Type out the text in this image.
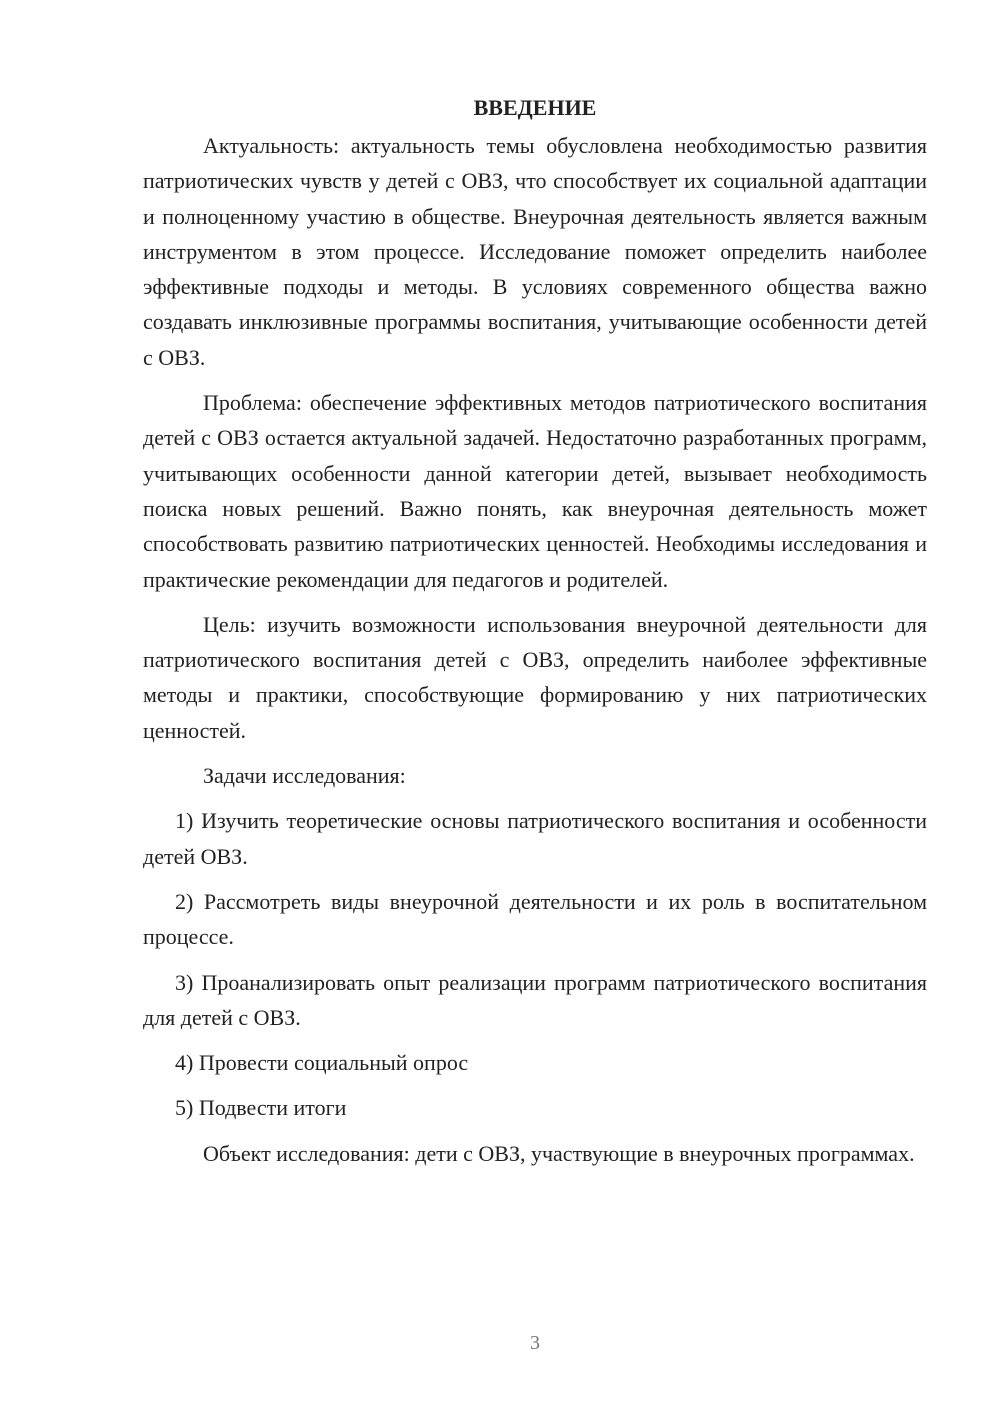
ВВЕДЕНИЕ

Актуальность: актуальность темы обусловлена необходимостью развития патриотических чувств у детей с ОВЗ, что способствует их социальной адаптации и полноценному участию в обществе. Внеурочная деятельность является важным инструментом в этом процессе. Исследование поможет определить наиболее эффективные подходы и методы. В условиях современного общества важно создавать инклюзивные программы воспитания, учитывающие особенности детей с ОВЗ.

Проблема: обеспечение эффективных методов патриотического воспитания детей с ОВЗ остается актуальной задачей. Недостаточно разработанных программ, учитывающих особенности данной категории детей, вызывает необходимость поиска новых решений. Важно понять, как внеурочная деятельность может способствовать развитию патриотических ценностей. Необходимы исследования и практические рекомендации для педагогов и родителей.

Цель: изучить возможности использования внеурочной деятельности для патриотического воспитания детей с ОВЗ, определить наиболее эффективные методы и практики, способствующие формированию у них патриотических ценностей.

Задачи исследования:

1) Изучить теоретические основы патриотического воспитания и особенности детей ОВЗ.

2) Рассмотреть виды внеурочной деятельности и их роль в воспитательном процессе.

3) Проанализировать опыт реализации программ патриотического воспитания для детей с ОВЗ.

4) Провести социальный опрос

5) Подвести итоги

Объект исследования: дети с ОВЗ, участвующие в внеурочных программах.

3
